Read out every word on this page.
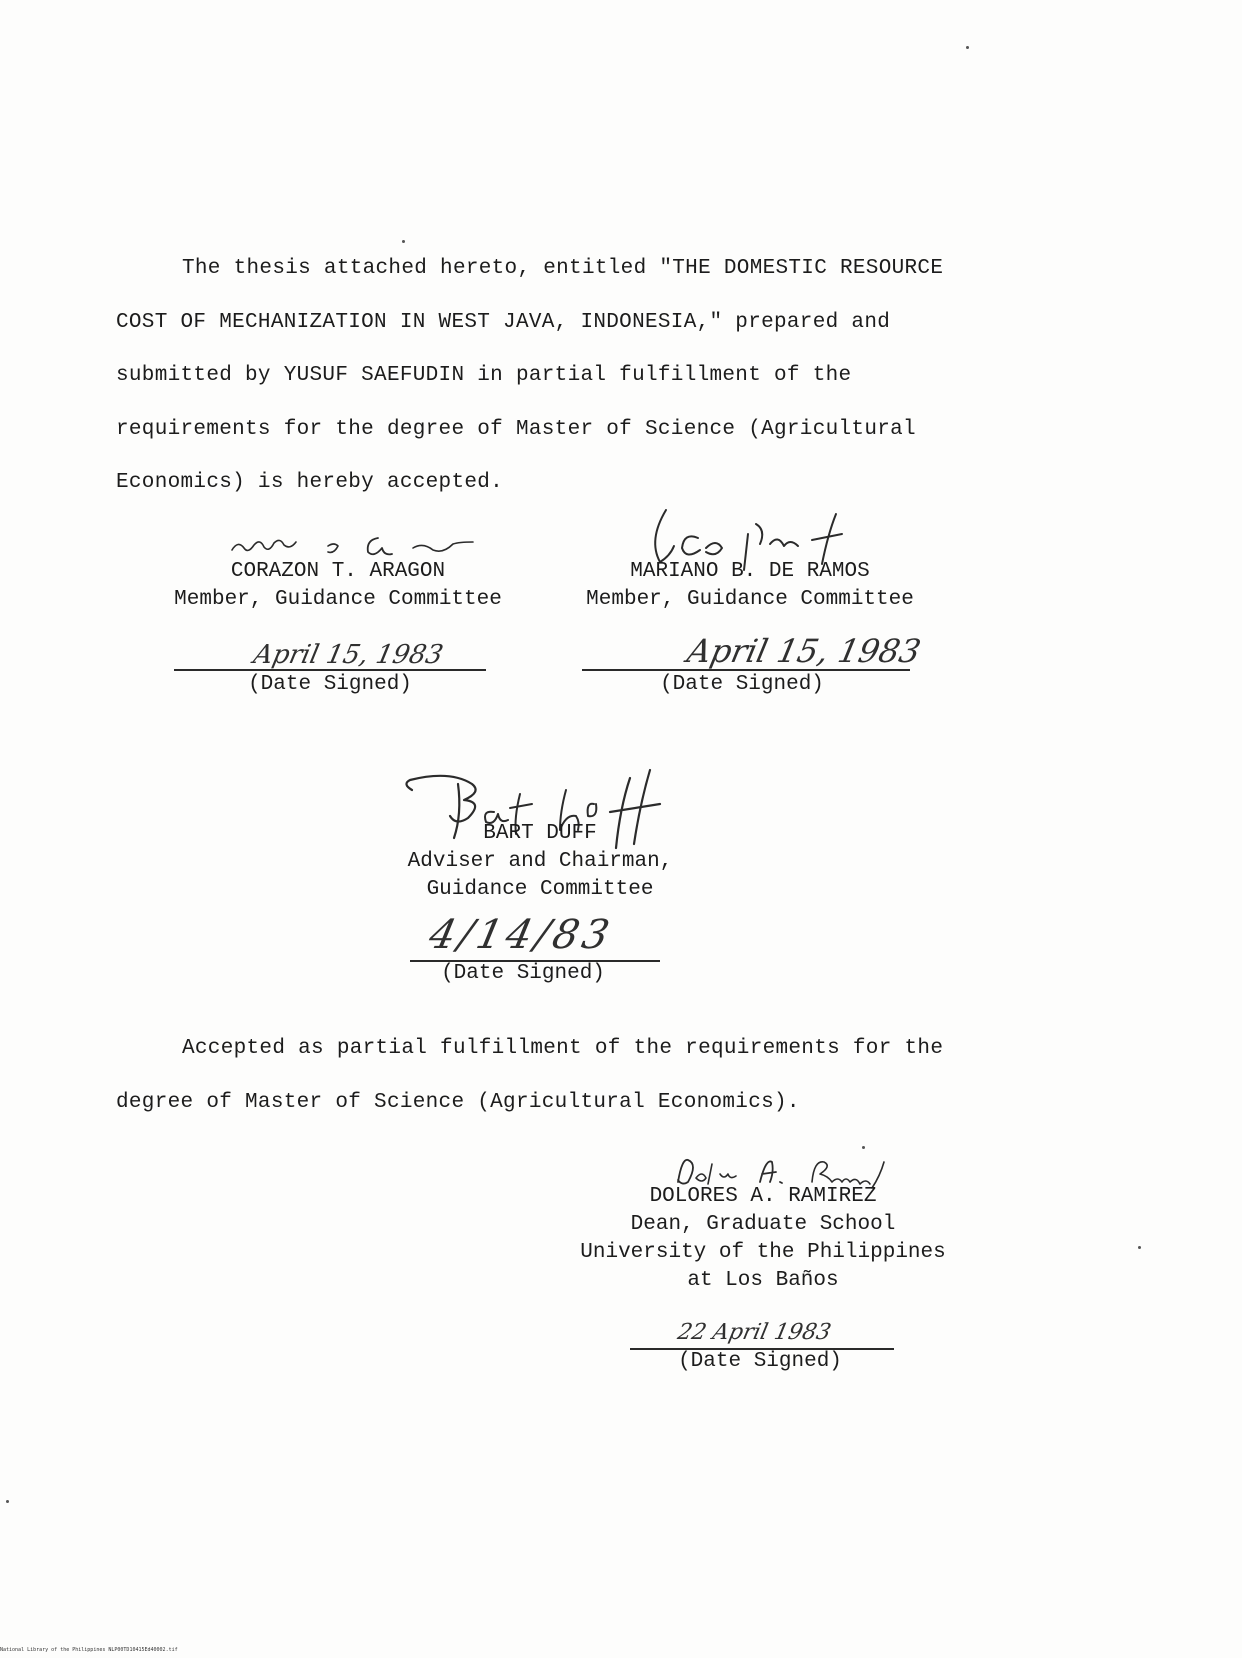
The thesis attached hereto, entitled "THE DOMESTIC RESOURCE
COST OF MECHANIZATION IN WEST JAVA, INDONESIA," prepared and
submitted by YUSUF SAEFUDIN in partial fulfillment of the
requirements for the degree of Master of Science (Agricultural
Economics) is hereby accepted.
CORAZON T. ARAGON
Member, Guidance Committee
April 15, 1983
(Date Signed)
MARIANO B. DE RAMOS
Member, Guidance Committee
April 15, 1983
(Date Signed)
BART DUFF
Adviser and Chairman,
Guidance Committee
4/14/83
(Date Signed)
Accepted as partial fulfillment of the requirements for the
degree of Master of Science (Agricultural Economics).
DOLORES A. RAMIREZ
Dean, Graduate School
University of the Philippines
at Los Baños
22 April 1983
(Date Signed)
National Library of the Philippines NLP00TD10415Ed40002.tif
